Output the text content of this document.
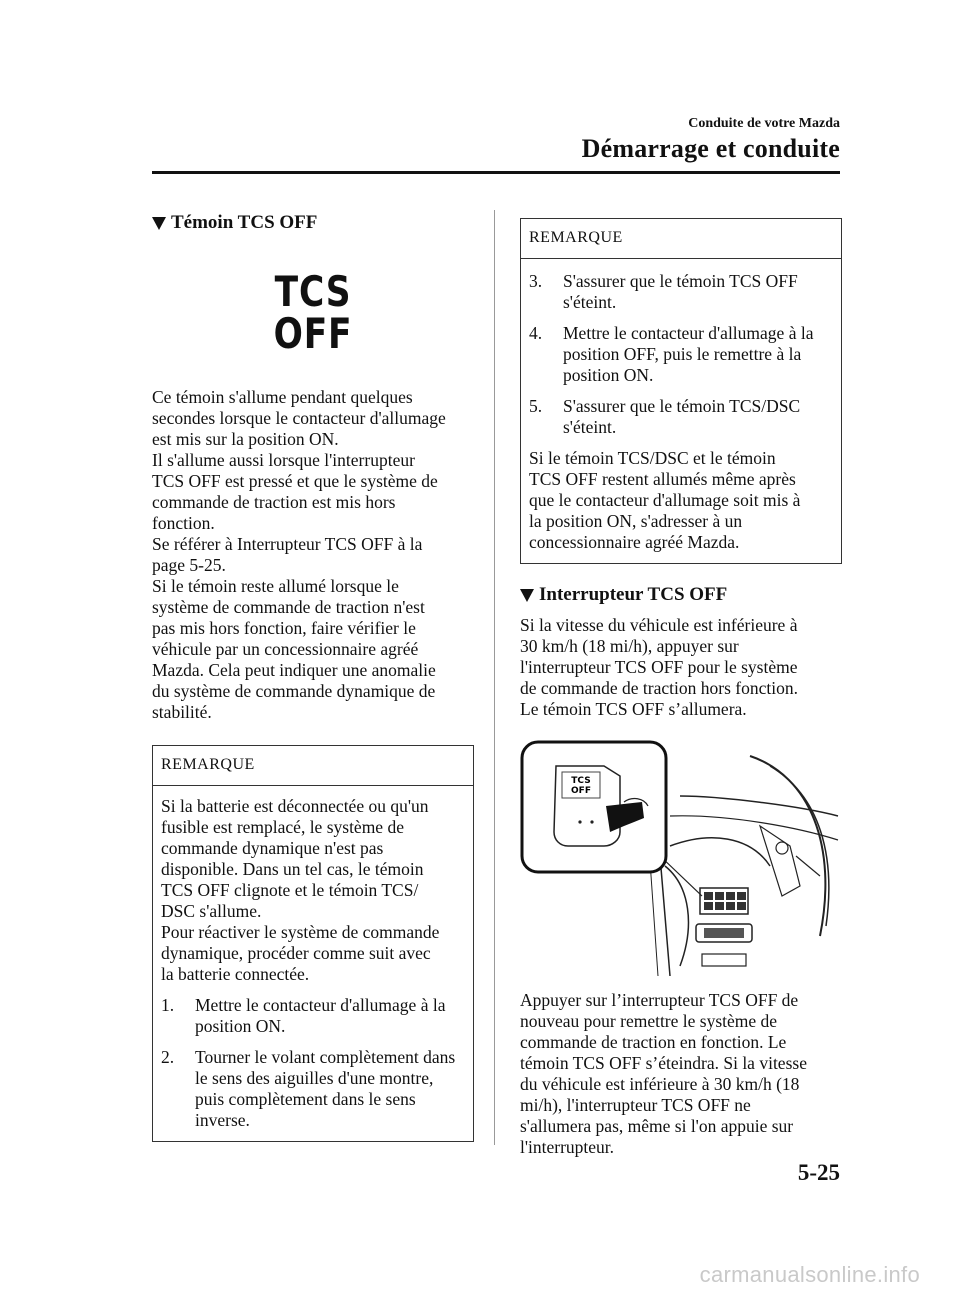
Conduite de votre Mazda
Démarrage et conduite
Témoin TCS OFF
TCS
OFF
Ce témoin s'allume pendant quelques
secondes lorsque le contacteur d'allumage
est mis sur la position ON.
Il s'allume aussi lorsque l'interrupteur
TCS OFF est pressé et que le système de
commande de traction est mis hors
fonction.
Se référer à Interrupteur TCS OFF à la
page 5-25.
Si le témoin reste allumé lorsque le
système de commande de traction n'est
pas mis hors fonction, faire vérifier le
véhicule par un concessionnaire agréé
Mazda. Cela peut indiquer une anomalie
du système de commande dynamique de
stabilité.
REMARQUE
Si la batterie est déconnectée ou qu'un
fusible est remplacé, le système de
commande dynamique n'est pas
disponible. Dans un tel cas, le témoin
TCS OFF clignote et le témoin TCS/
DSC s'allume.
Pour réactiver le système de commande
dynamique, procéder comme suit avec
la batterie connectée.
1.	Mettre le contacteur d'allumage à la
position ON.
2.	Tourner le volant complètement dans
le sens des aiguilles d'une montre,
puis complètement dans le sens
inverse.
REMARQUE
3.	S'assurer que le témoin TCS OFF
s'éteint.
4.	Mettre le contacteur d'allumage à la
position OFF, puis le remettre à la
position ON.
5.	S'assurer que le témoin TCS/DSC
s'éteint.
Si le témoin TCS/DSC et le témoin
TCS OFF restent allumés même après
que le contacteur d'allumage soit mis à
la position ON, s'adresser à un
concessionnaire agréé Mazda.
Interrupteur TCS OFF
Si la vitesse du véhicule est inférieure à
30 km/h (18 mi/h), appuyer sur
l'interrupteur TCS OFF pour le système
de commande de traction hors fonction.
Le témoin TCS OFF s’allumera.
TCS
OFF
Appuyer sur l’interrupteur TCS OFF de
nouveau pour remettre le système de
commande de traction en fonction. Le
témoin TCS OFF s’éteindra. Si la vitesse
du véhicule est inférieure à 30 km/h (18
mi/h), l'interrupteur TCS OFF ne
s'allumera pas, même si l'on appuie sur
l'interrupteur.
5-25
carmanualsonline.info
